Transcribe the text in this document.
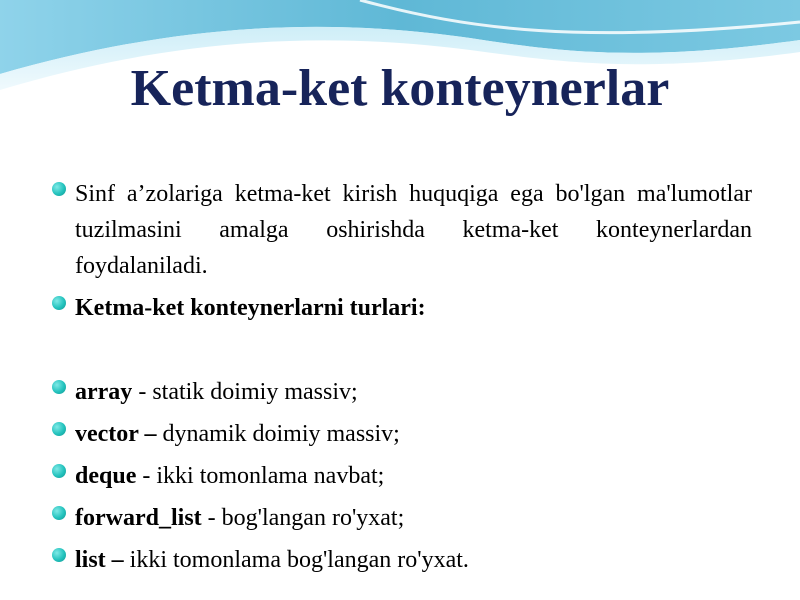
Ketma-ket konteynerlar
Sinf a’zolariga ketma-ket kirish huquqiga ega bo'lgan ma'lumotlar tuzilmasini amalga oshirishda ketma-ket konteynerlardan foydalaniladi.
Ketma-ket konteynerlarni turlari:
array - statik doimiy massiv;
vector – dynamik doimiy massiv;
deque - ikki tomonlama navbat;
forward_list - bog'langan ro'yxat;
list – ikki tomonlama bog'langan ro'yxat.
